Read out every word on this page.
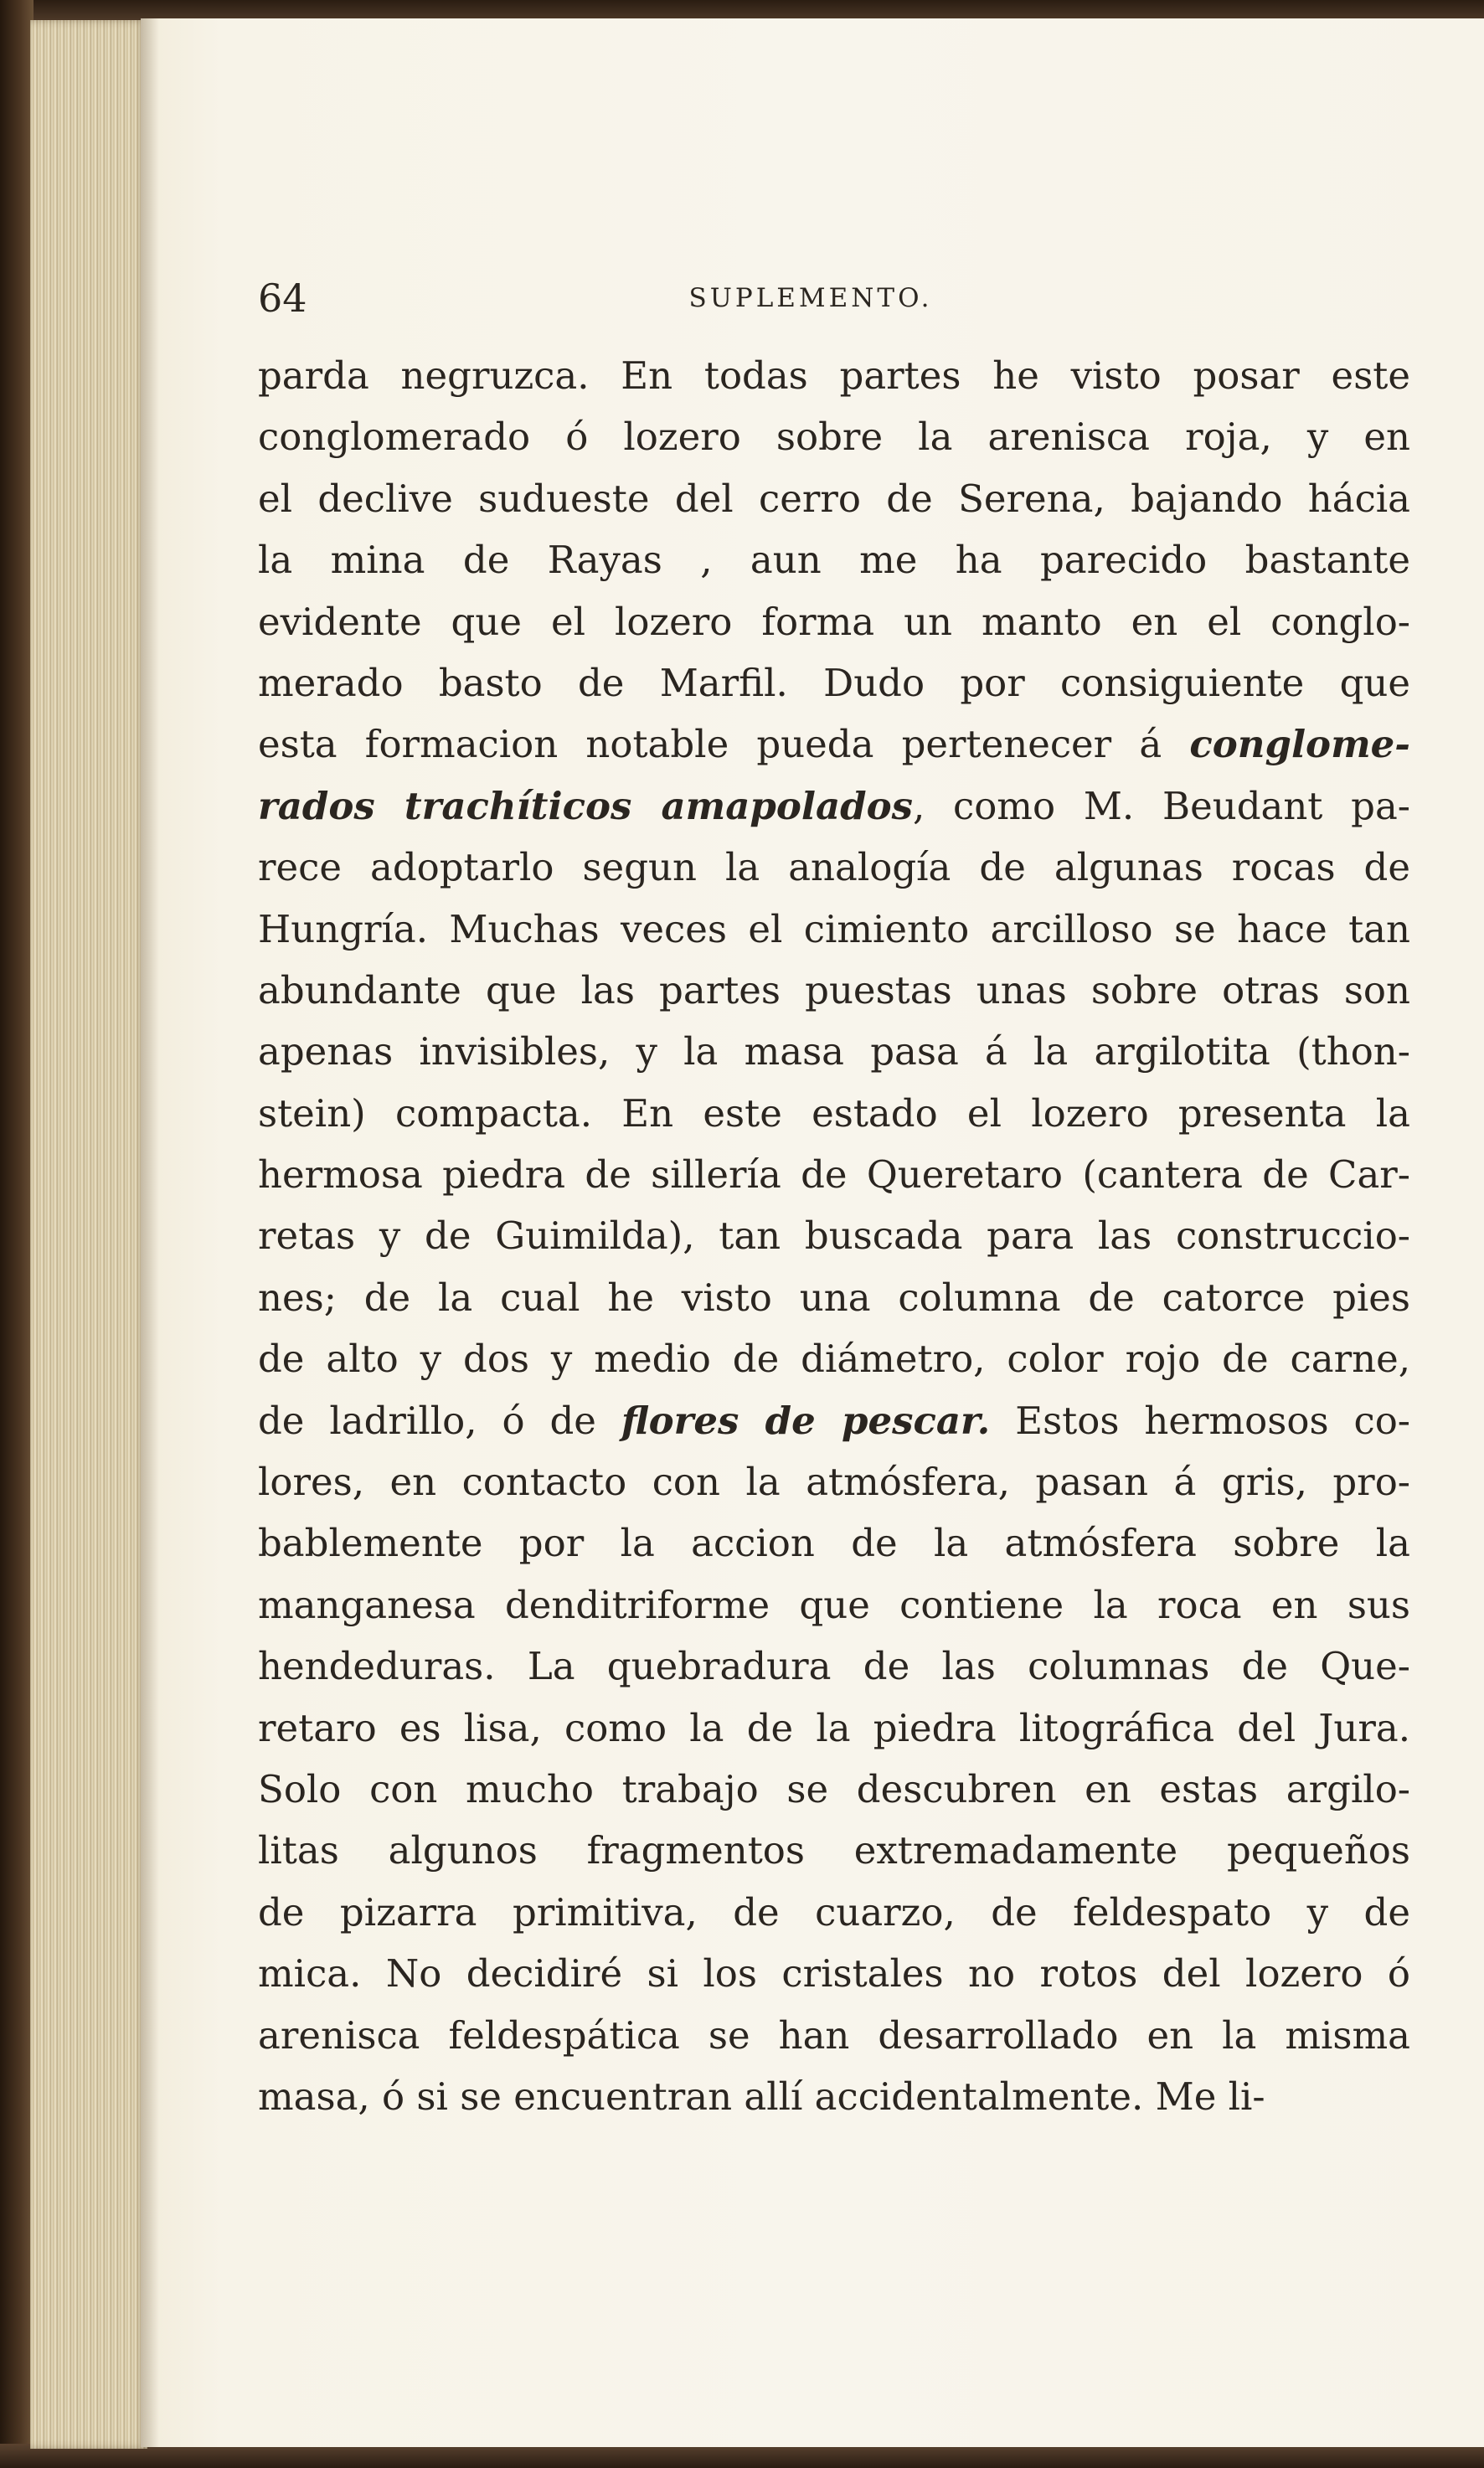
64	SUPLEMENTO.
parda negruzca. En todas partes he visto posar este
conglomerado ó lozero sobre la arenisca roja, y en
el declive sudueste del cerro de Serena, bajando hácia
la mina de Rayas , aun me ha parecido bastante
evidente que el lozero forma un manto en el conglo-
merado basto de Marfil. Dudo por consiguiente que
esta formacion notable pueda pertenecer á conglome-
rados trachíticos amapolados, como M. Beudant pa-
rece adoptarlo segun la analogía de algunas rocas de
Hungría. Muchas veces el cimiento arcilloso se hace tan
abundante que las partes puestas unas sobre otras son
apenas invisibles, y la masa pasa á la argilotita (thon-
stein) compacta. En este estado el lozero presenta la
hermosa piedra de sillería de Queretaro (cantera de Car-
retas y de Guimilda), tan buscada para las construccio-
nes; de la cual he visto una columna de catorce pies
de alto y dos y medio de diámetro, color rojo de carne,
de ladrillo, ó de flores de pescar. Estos hermosos co-
lores, en contacto con la atmósfera, pasan á gris, pro-
bablemente por la accion de la atmósfera sobre la
manganesa denditriforme que contiene la roca en sus
hendeduras. La quebradura de las columnas de Que-
retaro es lisa, como la de la piedra litográfica del Jura.
Solo con mucho trabajo se descubren en estas argilo-
litas algunos fragmentos extremadamente pequeños
de pizarra primitiva, de cuarzo, de feldespato y de
mica. No decidiré si los cristales no rotos del lozero ó
arenisca feldespática se han desarrollado en la misma
masa, ó si se encuentran allí accidentalmente. Me li-
